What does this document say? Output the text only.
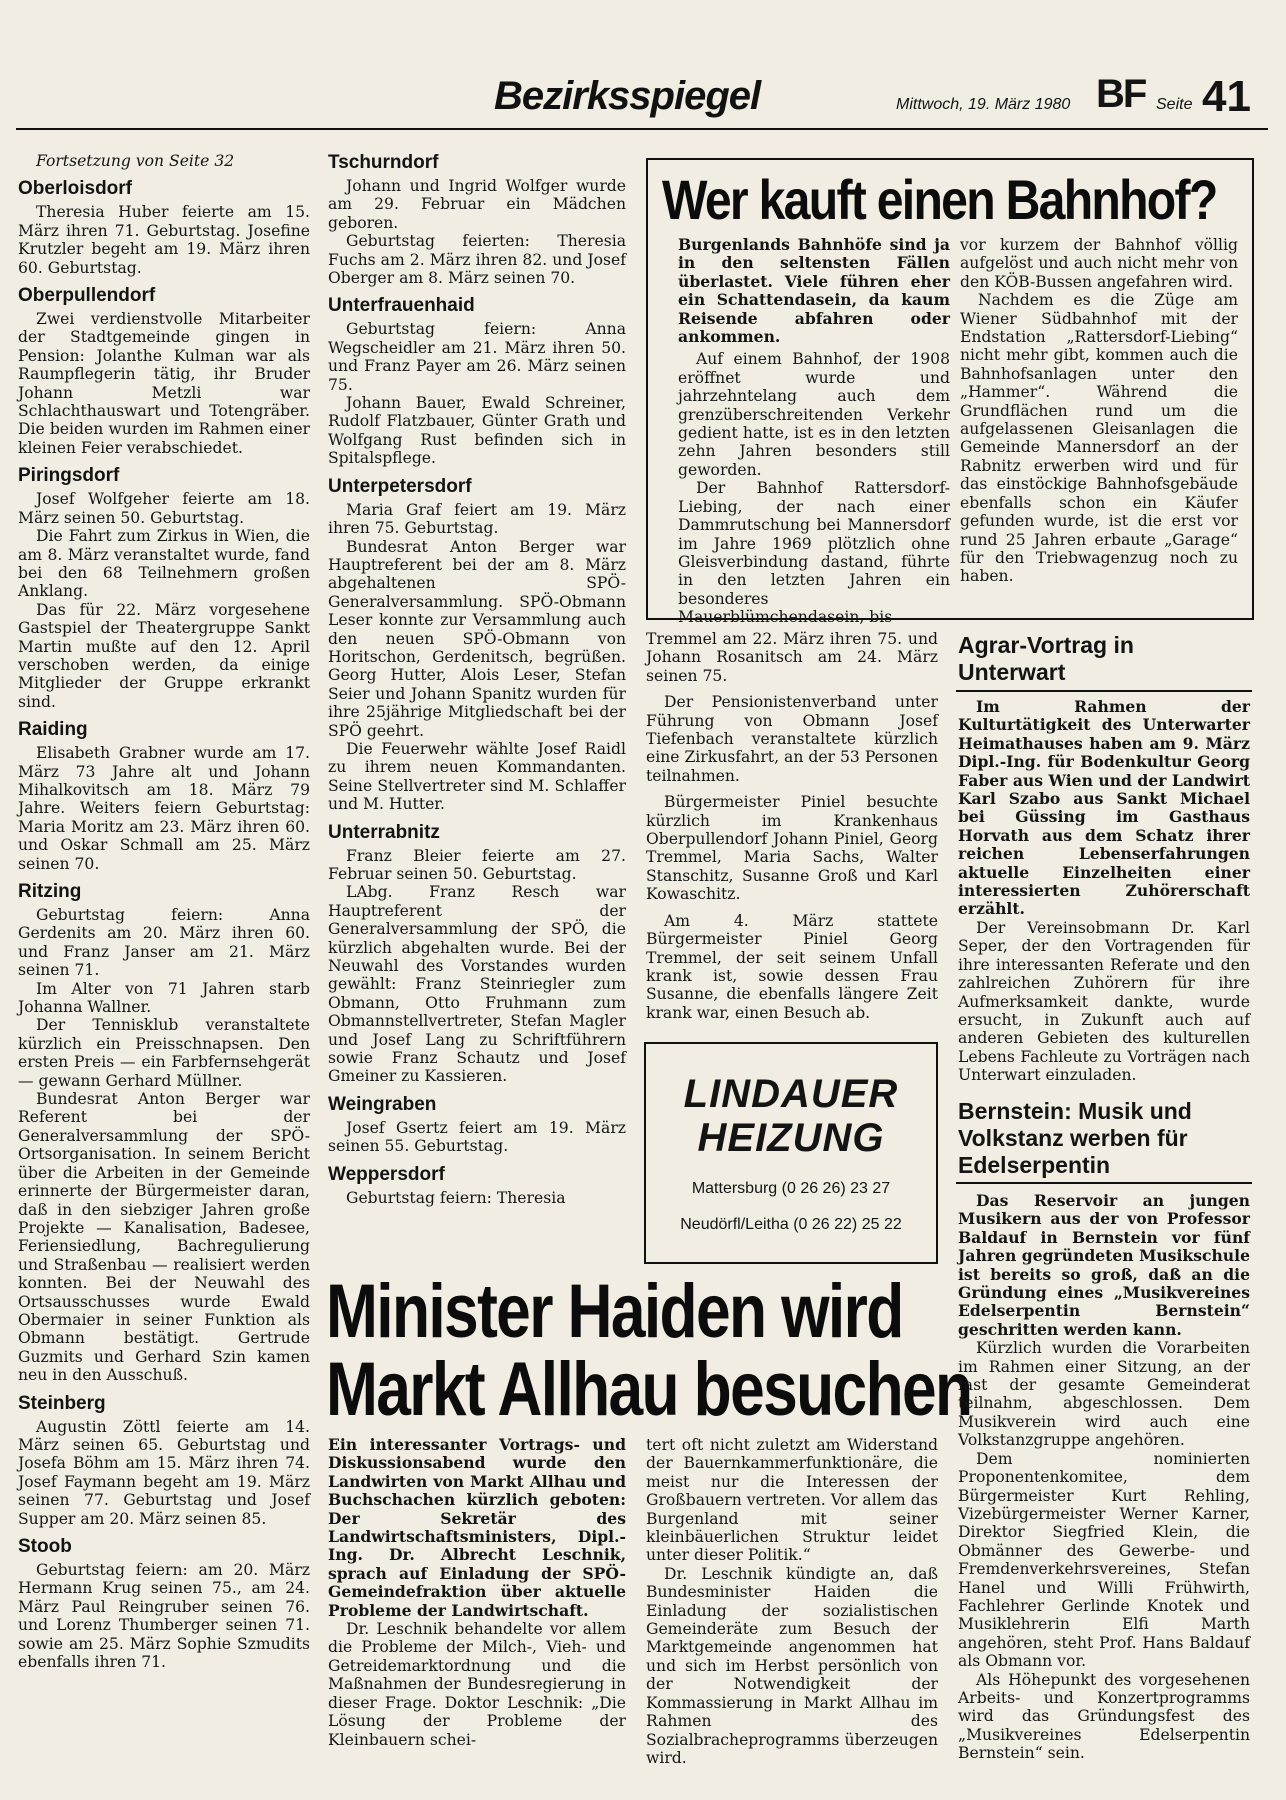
Bezirksspiegel	Mittwoch, 19. März 1980 BF Seite 41

Fortsetzung von Seite 32

Oberloisdorf

Theresia Huber feierte am 15. März ihren 71. Geburtstag. Josefine Krutzler begeht am 19. März ihren 60. Geburtstag.

Oberpullendorf

Zwei verdienstvolle Mitarbeiter der Stadtgemeinde gingen in Pension: Jolanthe Kulman war als Raumpflegerin tätig, ihr Bruder Johann Metzli war Schlachthauswart und Totengräber. Die beiden wurden im Rahmen einer kleinen Feier verabschiedet.

Piringsdorf

Josef Wolfgeher feierte am 18. März seinen 50. Geburtstag.

Die Fahrt zum Zirkus in Wien, die am 8. März veranstaltet wurde, fand bei den 68 Teilnehmern großen Anklang.

Das für 22. März vorgesehene Gastspiel der Theatergruppe Sankt Martin mußte auf den 12. April verschoben werden, da einige Mitglieder der Gruppe erkrankt sind.

Raiding

Elisabeth Grabner wurde am 17. März 73 Jahre alt und Johann Mihalkovitsch am 18. März 79 Jahre. Weiters feiern Geburtstag: Maria Moritz am 23. März ihren 60. und Oskar Schmall am 25. März seinen 70.

Ritzing

Geburtstag feiern: Anna Gerdenits am 20. März ihren 60. und Franz Janser am 21. März seinen 71.

Im Alter von 71 Jahren starb Johanna Wallner.

Der Tennisklub veranstaltete kürzlich ein Preisschnapsen. Den ersten Preis — ein Farbfernsehgerät — gewann Gerhard Müllner.

Bundesrat Anton Berger war Referent bei der Generalversammlung der SPÖ-Ortsorganisation. In seinem Bericht über die Arbeiten in der Gemeinde erinnerte der Bürgermeister daran, daß in den siebziger Jahren große Projekte — Kanalisation, Badesee, Feriensiedlung, Bachregulierung und Straßenbau — realisiert werden konnten. Bei der Neuwahl des Ortsausschusses wurde Ewald Obermaier in seiner Funktion als Obmann bestätigt. Gertrude Guzmits und Gerhard Szin kamen neu in den Ausschuß.

Steinberg

Augustin Zöttl feierte am 14. März seinen 65. Geburtstag und Josefa Böhm am 15. März ihren 74. Josef Faymann begeht am 19. März seinen 77. Geburtstag und Josef Supper am 20. März seinen 85.

Stoob

Geburtstag feiern: am 20. März Hermann Krug seinen 75., am 24. März Paul Reingruber seinen 76. und Lorenz Thumberger seinen 71. sowie am 25. März Sophie Szmudits ebenfalls ihren 71.

Tschurndorf

Johann und Ingrid Wolfger wurde am 29. Februar ein Mädchen geboren.

Geburtstag feierten: Theresia Fuchs am 2. März ihren 82. und Josef Oberger am 8. März seinen 70.

Unterfrauenhaid

Geburtstag feiern: Anna Wegscheidler am 21. März ihren 50. und Franz Payer am 26. März seinen 75.

Johann Bauer, Ewald Schreiner, Rudolf Flatzbauer, Günter Grath und Wolfgang Rust befinden sich in Spitalspflege.

Unterpetersdorf

Maria Graf feiert am 19. März ihren 75. Geburtstag.

Bundesrat Anton Berger war Hauptreferent bei der am 8. März abgehaltenen SPÖ-Generalversammlung. SPÖ-Obmann Leser konnte zur Versammlung auch den neuen SPÖ-Obmann von Horitschon, Gerdenitsch, begrüßen. Georg Hutter, Alois Leser, Stefan Seier und Johann Spanitz wurden für ihre 25jährige Mitgliedschaft bei der SPÖ geehrt.

Die Feuerwehr wählte Josef Raidl zu ihrem neuen Kommandanten. Seine Stellvertreter sind M. Schlaffer und M. Hutter.

Unterrabnitz

Franz Bleier feierte am 27. Februar seinen 50. Geburtstag.

LAbg. Franz Resch war Hauptreferent der Generalversammlung der SPÖ, die kürzlich abgehalten wurde. Bei der Neuwahl des Vorstandes wurden gewählt: Franz Steinriegler zum Obmann, Otto Fruhmann zum Obmannstellvertreter, Stefan Magler und Josef Lang zu Schriftführern sowie Franz Schautz und Josef Gmeiner zu Kassieren.

Weingraben

Josef Gsertz feiert am 19. März seinen 55. Geburtstag.

Weppersdorf

Geburtstag feiern: Theresia

Wer kauft einen Bahnhof?

Burgenlands Bahnhöfe sind ja in den seltensten Fällen überlastet. Viele führen eher ein Schattendasein, da kaum Reisende abfahren oder ankommen.

Auf einem Bahnhof, der 1908 eröffnet wurde und jahrzehntelang auch dem grenzüberschreitenden Verkehr gedient hatte, ist es in den letzten zehn Jahren besonders still geworden.

Der Bahnhof Rattersdorf-Liebing, der nach einer Dammrutschung bei Mannersdorf im Jahre 1969 plötzlich ohne Gleisverbindung dastand, führte in den letzten Jahren ein besonderes Mauerblümchendasein, bis

vor kurzem der Bahnhof völlig aufgelöst und auch nicht mehr von den KÖB-Bussen angefahren wird.

Nachdem es die Züge am Wiener Südbahnhof mit der Endstation „Rattersdorf-Liebing“ nicht mehr gibt, kommen auch die Bahnhofsanlagen unter den „Hammer“. Während die Grundflächen rund um die aufgelassenen Gleisanlagen die Gemeinde Mannersdorf an der Rabnitz erwerben wird und für das einstöckige Bahnhofsgebäude ebenfalls schon ein Käufer gefunden wurde, ist die erst vor rund 25 Jahren erbaute „Garage“ für den Triebwagenzug noch zu haben.

Tremmel am 22. März ihren 75. und Johann Rosanitsch am 24. März seinen 75.

Der Pensionistenverband unter Führung von Obmann Josef Tiefenbach veranstaltete kürzlich eine Zirkusfahrt, an der 53 Personen teilnahmen.

Bürgermeister Piniel besuchte kürzlich im Krankenhaus Oberpullendorf Johann Piniel, Georg Tremmel, Maria Sachs, Walter Stanschitz, Susanne Groß und Karl Kowaschitz.

Am 4. März stattete Bürgermeister Piniel Georg Tremmel, der seit seinem Unfall krank ist, sowie dessen Frau Susanne, die ebenfalls längere Zeit krank war, einen Besuch ab.

LINDAUER
HEIZUNG
Mattersburg (0 26 26) 23 27
Neudörfl/Leitha (0 26 22) 25 22
Minister Haiden wird
Markt Allhau besuchen

Ein interessanter Vortrags- und Diskussionsabend wurde den Landwirten von Markt Allhau und Buchschachen kürzlich geboten: Der Sekretär des Landwirtschaftsministers, Dipl.-Ing. Dr. Albrecht Leschnik, sprach auf Einladung der SPÖ-Gemeindefraktion über aktuelle Probleme der Landwirtschaft.

Dr. Leschnik behandelte vor allem die Probleme der Milch-, Vieh- und Getreidemarktordnung und die Maßnahmen der Bundesregierung in dieser Frage. Doktor Leschnik: „Die Lösung der Probleme der Kleinbauern schei-

tert oft nicht zuletzt am Widerstand der Bauernkammerfunktionäre, die meist nur die Interessen der Großbauern vertreten. Vor allem das Burgenland mit seiner kleinbäuerlichen Struktur leidet unter dieser Politik.“

Dr. Leschnik kündigte an, daß Bundesminister Haiden die Einladung der sozialistischen Gemeinderäte zum Besuch der Marktgemeinde angenommen hat und sich im Herbst persönlich von der Notwendigkeit der Kommassierung in Markt Allhau im Rahmen des Sozialbracheprogramms überzeugen wird.

Agrar-Vortrag in Unterwart

Im Rahmen der Kulturtätigkeit des Unterwarter Heimathauses haben am 9. März Dipl.-Ing. für Bodenkultur Georg Faber aus Wien und der Landwirt Karl Szabo aus Sankt Michael bei Güssing im Gasthaus Horvath aus dem Schatz ihrer reichen Lebenserfahrungen aktuelle Einzelheiten einer interessierten Zuhörerschaft erzählt.

Der Vereinsobmann Dr. Karl Seper, der den Vortragenden für ihre interessanten Referate und den zahlreichen Zuhörern für ihre Aufmerksamkeit dankte, wurde ersucht, in Zukunft auch auf anderen Gebieten des kulturellen Lebens Fachleute zu Vorträgen nach Unterwart einzuladen.

Bernstein: Musik und Volkstanz werben für Edelserpentin

Das Reservoir an jungen Musikern aus der von Professor Baldauf in Bernstein vor fünf Jahren gegründeten Musikschule ist bereits so groß, daß an die Gründung eines „Musikvereines Edelserpentin Bernstein“ geschritten werden kann.

Kürzlich wurden die Vorarbeiten im Rahmen einer Sitzung, an der fast der gesamte Gemeinderat teilnahm, abgeschlossen. Dem Musikverein wird auch eine Volkstanzgruppe angehören.

Dem nominierten Proponentenkomitee, dem Bürgermeister Kurt Rehling, Vizebürgermeister Werner Karner, Direktor Siegfried Klein, die Obmänner des Gewerbe- und Fremdenverkehrsvereines, Stefan Hanel und Willi Frühwirth, Fachlehrer Gerlinde Knotek und Musiklehrerin Elfi Marth angehören, steht Prof. Hans Baldauf als Obmann vor.

Als Höhepunkt des vorgesehenen Arbeits- und Konzertprogramms wird das Gründungsfest des „Musikvereines Edelserpentin Bernstein“ sein.
